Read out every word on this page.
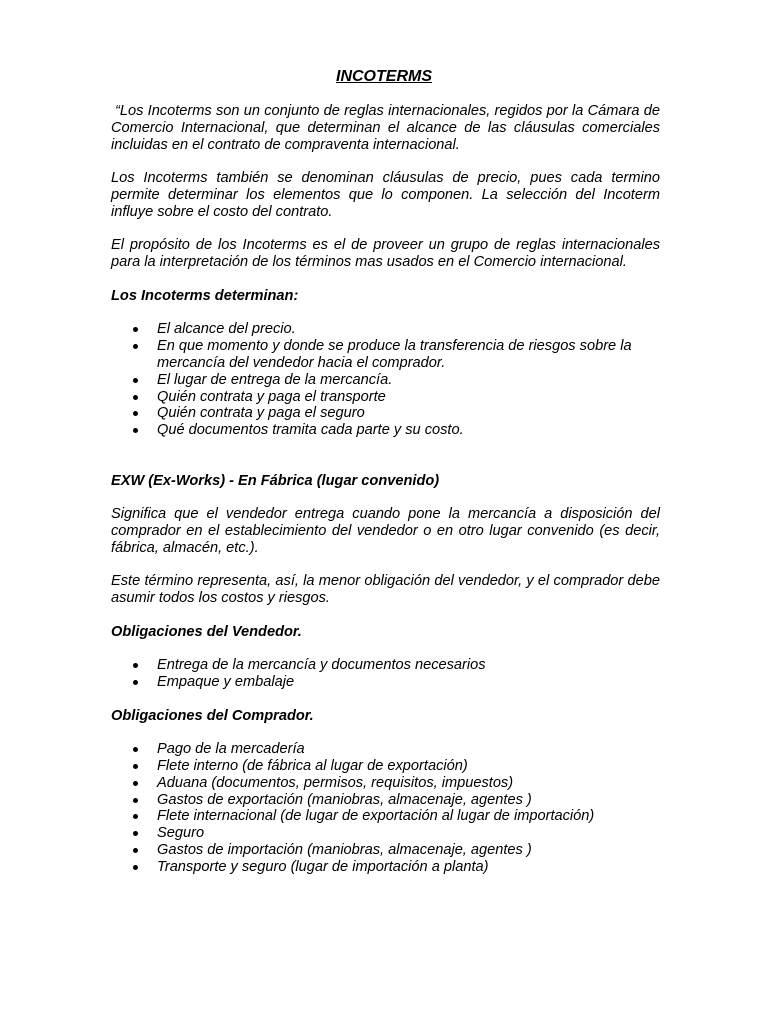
INCOTERMS

“Los Incoterms son un conjunto de reglas internacionales, regidos por la Cámara de Comercio Internacional, que determinan el alcance de las cláusulas comerciales incluidas en el contrato de compraventa internacional.

Los Incoterms también se denominan cláusulas de precio, pues cada termino permite determinar los elementos que lo componen. La selección del Incoterm influye sobre el costo del contrato.

El propósito de los Incoterms es el de proveer un grupo de reglas internacionales para la interpretación de los términos mas usados en el Comercio internacional.

Los Incoterms determinan:
El alcance del precio.
En que momento y donde se produce la transferencia de riesgos sobre la mercancía del vendedor hacia el comprador.
El lugar de entrega de la mercancía.
Quién contrata y paga el transporte
Quién contrata y paga el seguro
Qué documentos tramita cada parte y su costo.
EXW (Ex-Works) - En Fábrica (lugar convenido)

Significa que el vendedor entrega cuando pone la mercancía a disposición del comprador en el establecimiento del vendedor o en otro lugar convenido (es decir, fábrica, almacén, etc.).

Este término representa, así, la menor obligación del vendedor, y el comprador debe asumir todos los costos y riesgos.

Obligaciones del Vendedor.
Entrega de la mercancía y documentos necesarios
Empaque y embalaje
Obligaciones del Comprador.
Pago de la mercadería
Flete interno (de fábrica al lugar de exportación)
Aduana (documentos, permisos, requisitos, impuestos)
Gastos de exportación (maniobras, almacenaje, agentes )
Flete internacional (de lugar de exportación al lugar de importación)
Seguro
Gastos de importación (maniobras, almacenaje, agentes )
Transporte y seguro (lugar de importación a planta)
